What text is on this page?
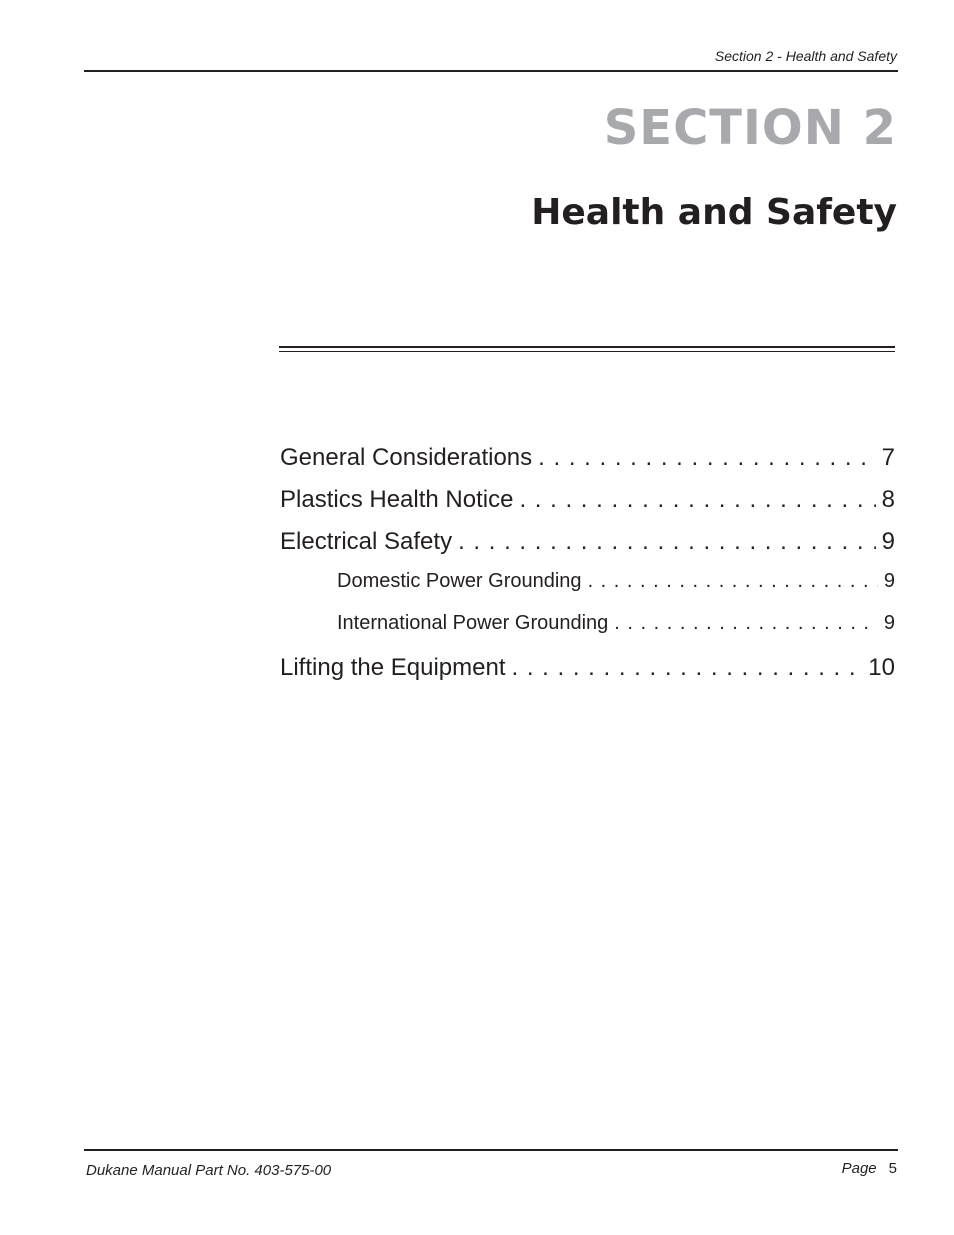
Section 2 - Health and Safety
SECTION 2
Health and Safety
General Considerations . . .	7
Plastics Health Notice . . .	8
Electrical Safety . . .	9
Domestic Power Grounding . . .	9
International Power Grounding . . .	9
Lifting the Equipment . . .	10
Dukane Manual Part No. 403-575-00	Page 5
